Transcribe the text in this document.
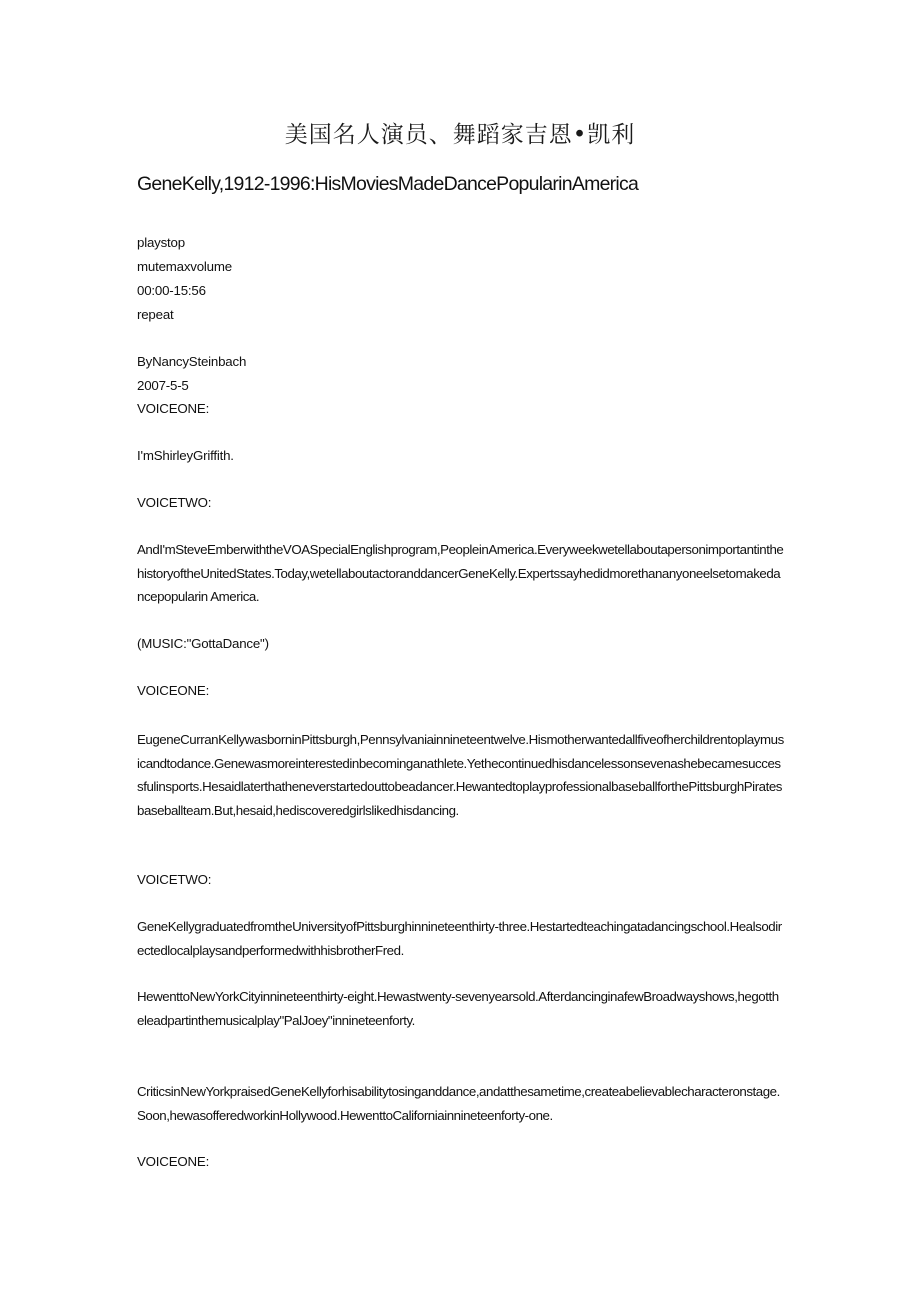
美国名人演员、舞蹈家吉恩•凯利
GeneKelly,1912-1996:HisMoviesMadeDancePopularinAmerica
playstop
mutemaxvolume
00:00-15:56
repeat
ByNancySteinbach
2007-5-5
VOICEONE:
I'mShirleyGriffith.
VOICETWO:
AndI'mSteveEmberwiththeVOASpecialEnglishprogram,PeopleinAmerica.EveryweekwetellaboutapersonimportantinthehistoryoftheUnitedStates.Today,wetellaboutactoranddancerGeneKelly.Expertssayhedidmorethananyoneelsetomakedancepopularin America.
(MUSIC:"GottaDance")
VOICEONE:
EugeneCurranKellywasborninPittsburgh,Pennsylvaniainnineteentwelve.Hismotherwantedallfiveofherchildrentoplaymusicandtodance.Genewasmoreinterestedinbecominganathlete.Yethecontinuedhisdancelessonsevenashebecamesuccessfulinsports.Hesaidlaterthatheneverstartedouttobeadancer.HewantedtoplayprofessionalbaseballforthePittsburghPiratesbaseballteam.But,hesaid,hediscoveredgirlslikedhisdancing.
VOICETWO:
GeneKellygraduatedfromtheUniversityofPittsburghinnineteenthirty-three.Hestartedteachingatadancingschool.HealsodirectedlocalplaysandperformedwithhisbrotherFred.
HewenttoNewYorkCityinnineteenthirty-eight.Hewastwenty-sevenyearsold.AfterdancinginafewBroadwayshows,hegottheleadpartinthemusicalplay"PalJoey"innineteenforty.
CriticsinNewYorkpraisedGeneKellyforhisabilitytosinganddance,andatthesametime,createabelievablecharacteronstage.Soon,hewasofferedworkinHollywood.HewenttoCaliforniainnineteenforty-one.
VOICEONE:
